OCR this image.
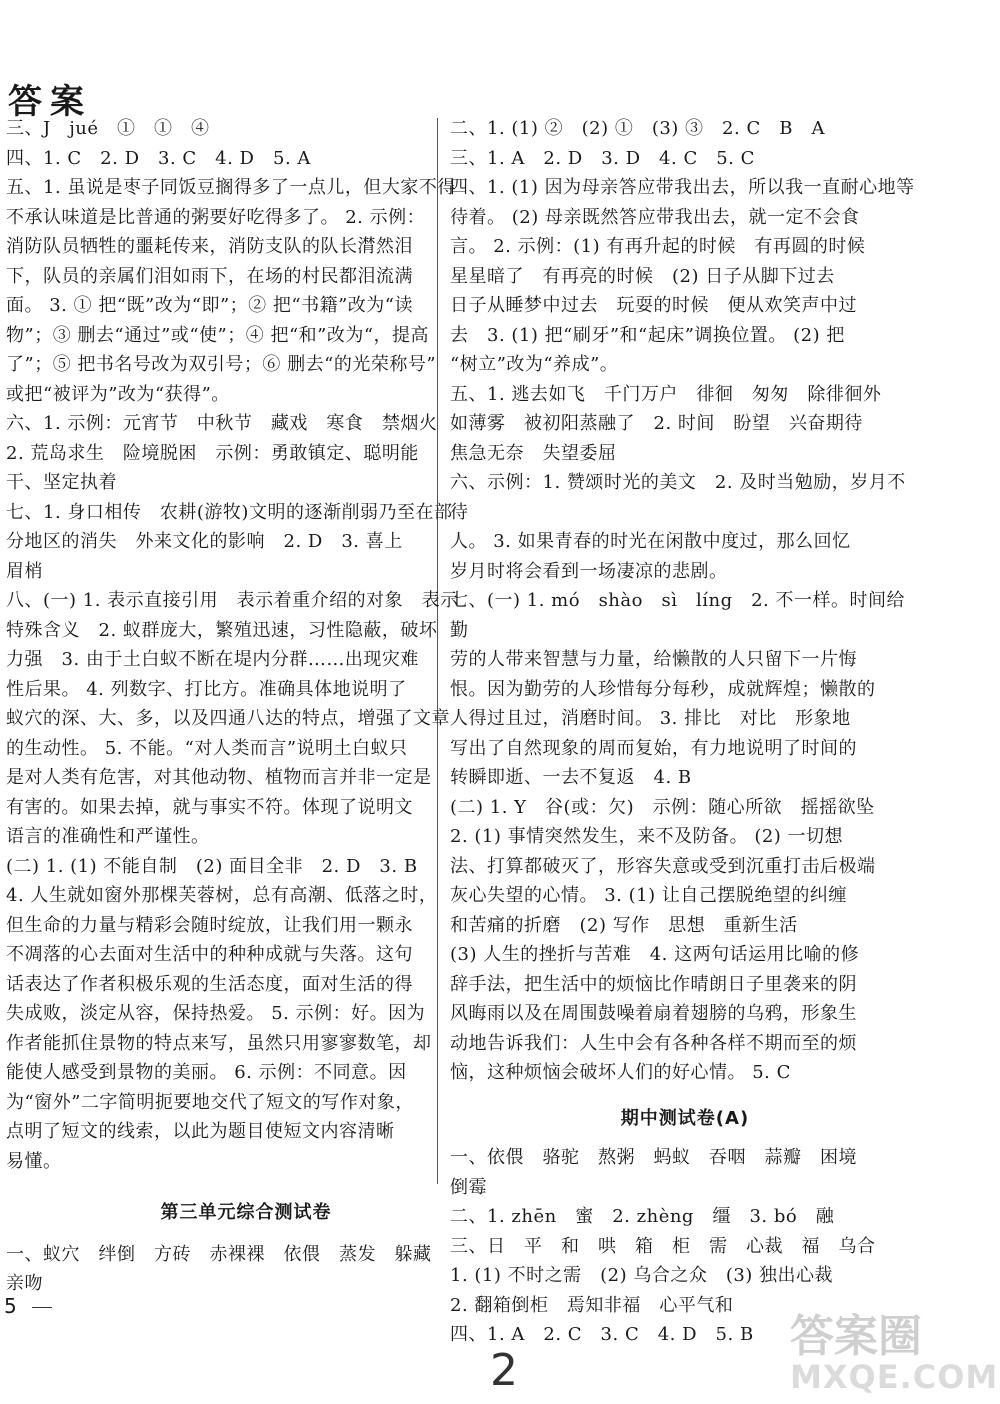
答案
三、J　jué　①　①　④
四、1. C　2. D　3. C　4. D　5. A
五、1. 虽说是枣子同饭豆搁得多了一点儿，但大家不得
不承认味道是比普通的粥要好吃得多了。 2. 示例：
消防队员牺牲的噩耗传来，消防支队的队长潸然泪
下，队员的亲属们泪如雨下，在场的村民都泪流满
面。 3. ① 把“既”改为“即”；② 把“书籍”改为“读
物”；③ 删去“通过”或“使”；④ 把“和”改为“，提高
了”；⑤ 把书名号改为双引号；⑥ 删去“的光荣称号”
或把“被评为”改为“获得”。
六、1. 示例：元宵节　中秋节　藏戏　寒食　禁烟火
2. 荒岛求生　险境脱困　示例：勇敢镇定、聪明能
干、坚定执着
七、1. 身口相传　农耕(游牧)文明的逐渐削弱乃至在部
分地区的消失　外来文化的影响　2. D　3. 喜上
眉梢
八、(一) 1. 表示直接引用　表示着重介绍的对象　表示
特殊含义　2. 蚁群庞大，繁殖迅速，习性隐蔽，破坏
力强　3. 由于土白蚁不断在堤内分群……出现灾难
性后果。 4. 列数字、打比方。准确具体地说明了
蚁穴的深、大、多，以及四通八达的特点，增强了文章
的生动性。 5. 不能。“对人类而言”说明土白蚁只
是对人类有危害，对其他动物、植物而言并非一定是
有害的。如果去掉，就与事实不符。体现了说明文
语言的准确性和严谨性。
(二) 1. (1) 不能自制　(2) 面目全非　2. D　3. B
4. 人生就如窗外那棵芙蓉树，总有高潮、低落之时，
但生命的力量与精彩会随时绽放，让我们用一颗永
不凋落的心去面对生活中的种种成就与失落。这句
话表达了作者积极乐观的生活态度，面对生活的得
失成败，淡定从容，保持热爱。 5. 示例：好。因为
作者能抓住景物的特点来写，虽然只用寥寥数笔，却
能使人感受到景物的美丽。 6. 示例：不同意。因
为“窗外”二字简明扼要地交代了短文的写作对象，
点明了短文的线索，以此为题目使短文内容清晰
易懂。
第三单元综合测试卷
一、蚁穴　绊倒　方砖　赤裸裸　依偎　蒸发　躲藏
亲吻
二、1. (1) ②　(2) ①　(3) ③　2. C　B　A
三、1. A　2. D　3. D　4. C　5. C
四、1. (1) 因为母亲答应带我出去，所以我一直耐心地等
待着。 (2) 母亲既然答应带我出去，就一定不会食
言。 2. 示例：(1) 有再升起的时候　有再圆的时候
星星暗了　有再亮的时候　(2) 日子从脚下过去
日子从睡梦中过去　玩耍的时候　便从欢笑声中过
去　3. (1) 把“刷牙”和“起床”调换位置。 (2) 把
“树立”改为“养成”。
五、1. 逃去如飞　千门万户　徘徊　匆匆　除徘徊外
如薄雾　被初阳蒸融了　2. 时间　盼望　兴奋期待
焦急无奈　失望委屈
六、示例：1. 赞颂时光的美文　2. 及时当勉励，岁月不待
人。 3. 如果青春的时光在闲散中度过，那么回忆
岁月时将会看到一场凄凉的悲剧。
七、(一) 1. mó　shào　sì　líng　2. 不一样。时间给勤
劳的人带来智慧与力量，给懒散的人只留下一片悔
恨。因为勤劳的人珍惜每分每秒，成就辉煌；懒散的
人得过且过，消磨时间。 3. 排比　对比　形象地
写出了自然现象的周而复始，有力地说明了时间的
转瞬即逝、一去不复返　4. B
(二) 1. Y　谷(或：欠)　示例：随心所欲　摇摇欲坠
2. (1) 事情突然发生，来不及防备。 (2) 一切想
法、打算都破灭了，形容失意或受到沉重打击后极端
灰心失望的心情。 3. (1) 让自己摆脱绝望的纠缠
和苦痛的折磨　(2) 写作　思想　重新生活
(3) 人生的挫折与苦难　4. 这两句话运用比喻的修
辞手法，把生活中的烦恼比作晴朗日子里袭来的阴
风晦雨以及在周围鼓噪着扇着翅膀的乌鸦，形象生
动地告诉我们：人生中会有各种各样不期而至的烦
恼，这种烦恼会破坏人们的好心情。 5. C
期中测试卷(A)
一、依偎　骆驼　熬粥　蚂蚁　吞咽　蒜瓣　困境
倒霉
二、1. zhēn　蜜　2. zhèng　缰　3. bó　融
三、日　平　和　哄　箱　柜　需　心裁　福　乌合
1. (1) 不时之需　(2) 乌合之众　(3) 独出心裁
2. 翻箱倒柜　焉知非福　心平气和
四、1. A　2. C　3. C　4. D　5. B
5
2
答案圈
MXQE.COM
